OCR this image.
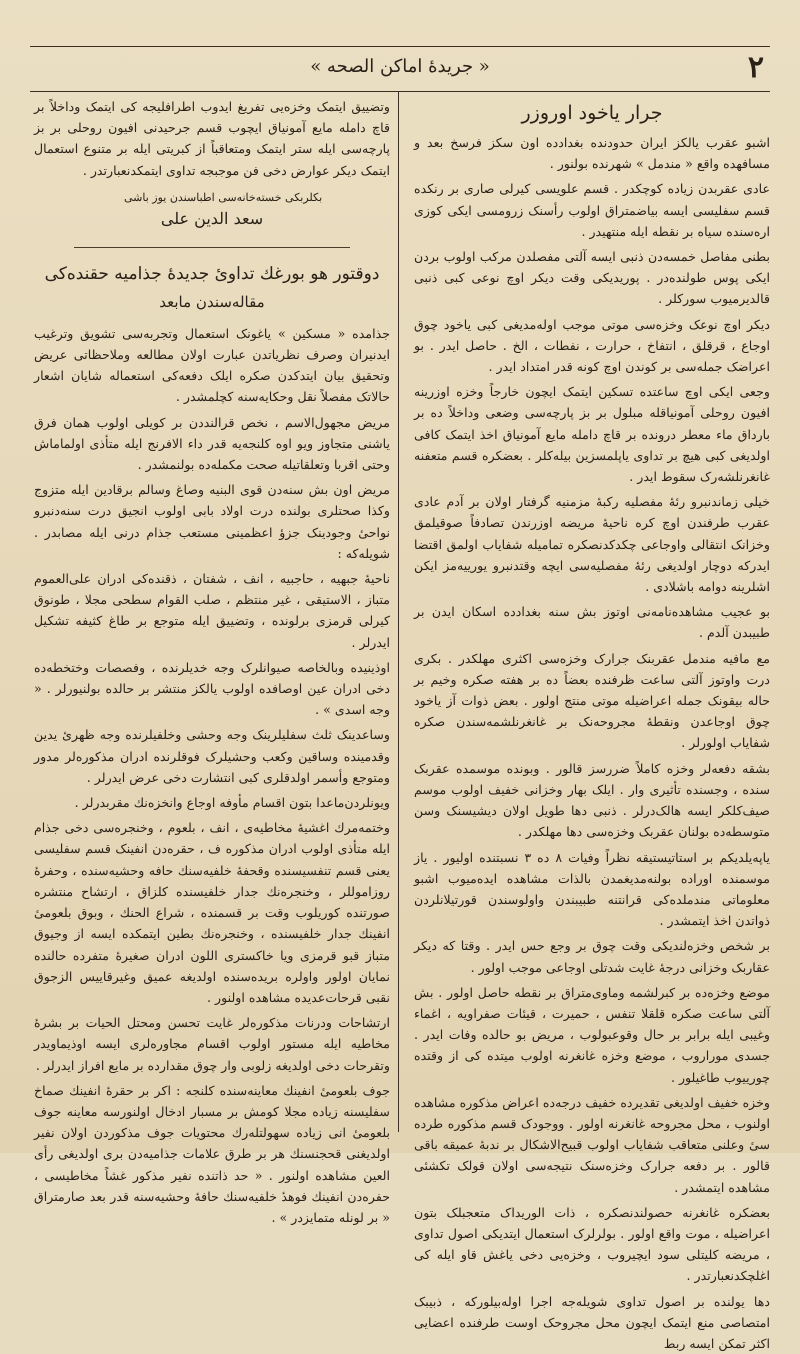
« جريدهٔ اماكن الصحه »	٢
جرار ياخود اوروزر

اشبو عقرب یالکز ایران حدودنده بغدادده اون سکز فرسخ بعد و مسافهده واقع « مندمل » شهرنده بولنور .

عادی عقربدن زیاده کوچکدر . قسم علویسی کیرلی صاری بر رنکده قسم سفلیسی ایسه بیاضمتراق اولوب رأسنک زرومسی ایکی کوزی اره‌سنده سیاه بر نقطه ایله منتهیدر .

بطنی مفاصل خمسه‌دن ذنبی ایسه آلتی مفصلدن مرکب اولوب بردن ایکی پوس طولنده‌در . پوریدیکی وقت دیکر اوچ نوعی کبی ذنبی قالدیرمیوب سورکلر .

دیکر اوچ نوعک وخزه‌سی موتی موجب اوله‌مدیغی کبی یاخود چوق اوجاع ، قرقلق ، انتفاخ ، حرارت ، نفطات ، الخ . حاصل ایدر . بو اعراضک جمله‌سی بر کوندن اوچ کونه قدر امتداد ایدر .

وجعی ایکی اوچ ساعتده تسکین ایتمک ایچون خارجاً وخزه اوزرینه افیون روحلی آمونیاقله مبلول بر بز پارچه‌سی وضعی وداخلاً ده بر بارداق ماء معطر درونده بر قاچ دامله مایع آمونیاق اخذ ایتمک کافی اولدیغی کبی هیچ بر تداوی یاپلمسزین بیله‌کلر . بعضکره قسم متعفنه غانغرنلشه‌رک سقوط ایدر .

خیلی زماندنبرو رئهٔ مفصلیه رکبهٔ مزمنیه گرفتار اولان بر آدم عادی عقرب طرفندن اوچ کره ناحیهٔ مریضه اوزرندن تصادفاً صوقیلمق وخزانک انتقالی واوجاعی چکدکدنصکره تمامیله شفایاب اولمق اقتضا ایدرکه دوچار اولدیغی رئهٔ مفصلیه‌سی ایچه وقتدنبرو یورییه‌مز ایکن اشلرینه دوامه باشلادی .

بو عجیب مشاهده‌نامه‌نی اوتوز بش سنه بغدادده اسکان ایدن بر طبیبدن آلدم .

مع مافیه مندمل عقربنک جرارک وخزه‌سی اکثری مهلکدر . بکری درت واوتوز آلتی ساعت ظرفنده بعضاً ده بر هفته صکره وخیم بر حاله بیقونک جمله اعراضیله موتی منتج اولور . بعض ذوات آز یاخود چوق اوجاعدن ونقطهٔ مجروحه‌نک بر غانغرنلشمه‌سندن صکره شفایاب اولورلر .

بشقه دفعه‌لر وخزه کاملاً ضررسز قالور . وبونده موسمده عقربک سنده ، وجسنده تأثیری وار . ایلک بهار وخزانی خفیف اولوب موسم صیف‌کلکر ایسه هالک‌درلر . ذنبی دها طویل اولان دیشیسنک وسن متوسطه‌ده بولنان عقربک وخزه‌سی دها مهلکدر .

یاپه‌یلدیکم بر استاتیستیقه نظراً وفیات ۸ ده ۳ نسبتنده اولیور . یاز موسمنده اوراده بولنه‌مدیغمدن بالذات مشاهده ایده‌میوب اشبو معلوماتی مندملده‌کی قرانتنه طبیبندن واولوسندن قورتیلانلردن ذواتدن اخذ ایتمشدر .

بر شخص وخزه‌لندیکی وقت چوق بر وجع حس ایدر . وقتا که دیکر عقاربک وخزانی درجهٔ غایت شدتلی اوجاعی موجب اولور .

موضع وخزه‌ده بر کبرلشمه وماوی‌متراق بر نقطه حاصل اولور . بش آلتی ساعت صکره قلقلا تنفس ، حمیرت ، قیئات صفراویه ، اغماء وغیبی ایله برابر بر حال وقوعبولوب ، مریض بو حالده وفات ایدر . جسدی موراروب ، موضع وخزه غانغرنه اولوب میتده‌ کی از وقتده چورییوب طاغیلور .

وخزه خفیف اولدیغی تقدیرده خفیف درجه‌ده اعراض مذکوره مشاهده اولنوب ، محل مجروحه غانغرنه اولور . ووجودک قسم مذکوره طرده سیٔ وعلنی متعاقب شفایاب اولوب قبیح‌الاشکال بر ندبهٔ عمیقه باقی قالور . بر دفعه جرارک وخزه‌سنک نتیجه‌سی اولان قولک تکشئی مشاهده ایتمشدر .

بعضکره غانغرنه حصولندنصکره ، ذات الوریداک متعجبلک بتون اعراضیله ، موت واقع اولور . بولرلرک استعمال ایتدیکی اصول تداوی ، مریضه کلیتلی سود ایچیروب ، وخزه‌یی دخی یاغش قاو ایله کی اغلچکدنعبارتدر .

دها یولنده بر اصول تداوی شویله‌جه اجرا اوله‌بیلورکه ، ذبیبک امتصاصی منع ایتمک ایچون محل مجروحک اوست طرفنده اعضایی اکثر تمکن ایسه ربط

وتضییق ایتمک وخزه‌یی تفریغ ایدوب اطرافلیجه کی ایتمک وداخلاً بر قاچ دامله مایع آمونیاق ایچوب قسم جرحیدنی افیون روحلی بر بز پارچه‌سی ایله ستر ایتمک ومتعاقباً از کبریتی ایله بر متنوع استعمال ایتمک دیکر عوارض دخی فن موجبجه تداوی ایتمکدنعبارتدر .

بکلربکی خسته‌خانه‌سی اطبا‌سندن یوز باشی
سعد الدین علی
دوقتور هو بورغك تداوئ جديدهٔ جذاميه حقنده‌كی
مقاله‌سندن مابعد

جذامده « مسکین » یاغونک استعمال وتجربه‌سی تشویق وترغیب ایدنیران وصرف نظریاتدن عبارت اولان مطالعه وملاحظاتی عریض وتحقیق بیان ایتدکدن صکره ایلک دفعه‌کی استعماله شایان اشعار حالاتک مفصلاً نقل وحکایه‌سنه کچلمشدر .

مریض مجهول‌الاسم ، نخص قرالنددن بر کویلی اولوب همان فرق یاشنی متجاوز ویو اوه کلنجه‌یه قدر داء الافرنج ایله متأذی اولماماش وحتی اقربا وتعلقاتیله صحت مکمله‌ده بولنمشدر .

مریض اون بش سنه‌دن قوی البنیه وصاغ وسالم برقادین ایله متزوج وکذا صحتلری بولنده درت اولاد بابی اولوب انجیق درت سنه‌دنبرو نواحیٔ وجودینک جزؤ اعظمینی مستعب جذام درنی ایله مصابدر . شویله‌که :

ناحیهٔ جبهیه ، حاجبیه ، انف ، شفتان ، ذقنده‌کی ادران علی‌العموم متباز ، الاستیقی ، غیر منتظم ، صلب القوام سطحی مجلا ، طونوق کیرلی قرمزی برلونده ، وتضییق ایله متوجع بر طاغ کثیفه تشکیل ایدرلر .

اوذینیده وبالخاصه صیوانلرک وجه خدیلرنده ، وفصصات وختخطه‌ده دخی ادران عین اوصافده اولوب یالکز منتشر بر حالده بولنیورلر . « وجه اسدی » .

وساعدینک ثلث سفلیلرینک وجه وحشی وخلفیلرنده وجه ظهریٔ یدین وقدمینده وساقین وکعب وحشیلرک فوقلرنده ادران مذکوره‌لر مدور ومتوجع وأسمر اولدقلری کبی انتشارت دخی عرض ایدرلر .

ویونلردن‌ماعدا بتون اقسام مأوفه اوجاع وانخزه‌نك مقربدرلر .

وختمه‌مرك اغشیهٔ مخاطیه‌ی ، انف ، بلعوم ، وخنجره‌سی دخی جذام ایله متأذی اولوب ادران مذکوره ف ، حقره‌دن انفینک قسم سفلیسی یعنی قسم تنفسیسنده وقحفهٔ خلفیه‌سنك حافه وحشیه‌سنده ، وحفرهٔ روزاموللر ، وخنجره‌نك جدار خلفیسنده کلزاق ، ارتشاح منتشره صورتنده کوریلوب وقت بر قسمنده ، شراع الحنك ، وبوق بلعومیٔ انفینك جدار خلفیسنده ، وخنجره‌نك بطین ایتمکده ایسه از وجیوق متباز قبو قرمزی ویا خاکستری اللون ادران صغیرهٔ متفرده حالنده نمایان اولور واولره بریده‌سنده اولدیغه عمیق وغیرقاییس الزجوق نقبی قرحات‌عدیده مشاهده اولنور .

ارتشاحات ودرنات مذکوره‌لر غایت تحسن ومحتل الحیات بر بشره‌ٔ مخاطیه ایله مستور اولوب اقسام مجاوره‌لری ایسه اوذیماویدر وتقرحات دخی اولدیغه زلوبی وار چوق مقدارده بر مایع افراز ایدرلر .

جوف بلعومیٔ انفینك معاینه‌سنده کلنجه : اکر بر حقرهٔ انفینك صماخ سفلیسنه زیاده مجلا کومش بر مسبار ادخال اولنورسه معاینه جوف بلعومیٔ انی زیاده سهولتله‌رك محتویات جوف مذکوردن اولان نفیر اولدیغنی قحجنسنك هر بر طرق علامات جذامیه‌دن بری اولدیغی رأی العین مشاهده اولنور . « حد ذاتنده نفیر مذکور غشاً مخاطیسی ، حفره‌دن انفینك فوهدٔ خلفیه‌سنك حافهٔ وحشیه‌سنه قدر بعد صارمتراق « بر لونله متمایزدر » .
